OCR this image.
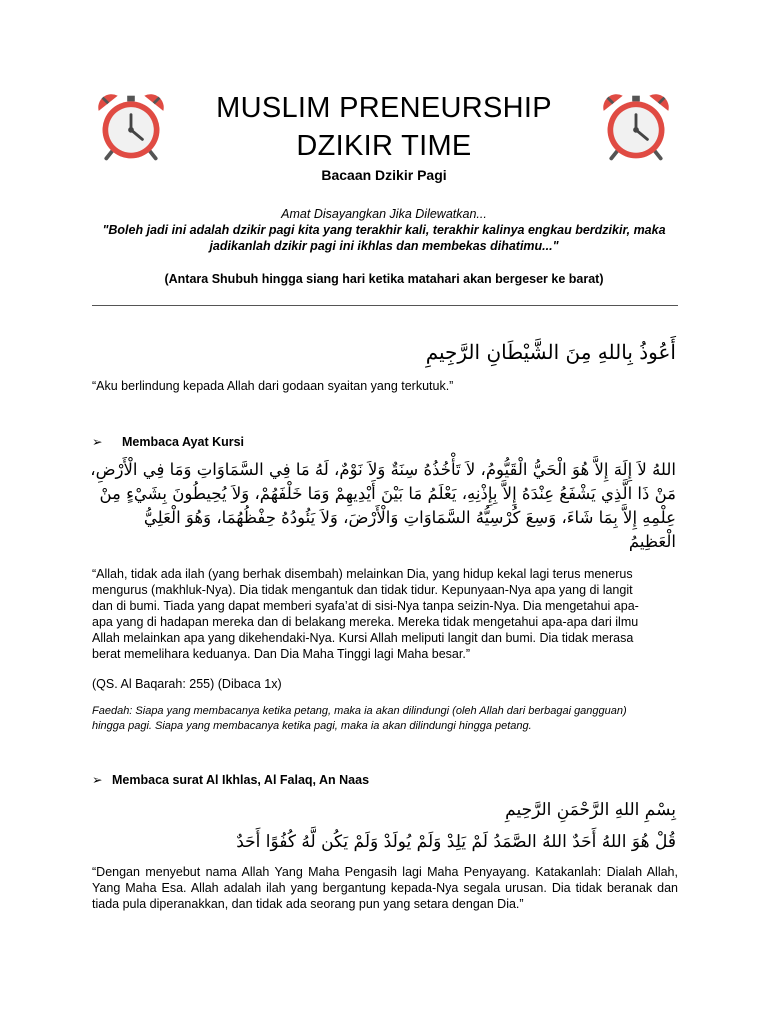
MUSLIM PRENEURSHIP
DZIKIR TIME
Bacaan Dzikir Pagi
Amat Disayangkan Jika Dilewatkan...
"Boleh jadi ini adalah dzikir pagi kita yang terakhir kali, terakhir kalinya engkau berdzikir, maka
jadikanlah dzikir pagi ini ikhlas dan membekas dihatimu..."
(Antara Shubuh hingga siang hari ketika matahari akan bergeser ke barat)
أَعُوذُ بِاللهِ مِنَ الشَّيْطَانِ الرَّجِيمِ
“Aku berlindung kepada Allah dari godaan syaitan yang terkutuk.”
➢ Membaca Ayat Kursi
اللهُ لاَ إِلَهَ إِلاَّ هُوَ الْحَيُّ الْقَيُّومُ، لاَ تَأْخُذُهُ سِنَةٌ وَلاَ نَوْمٌ، لَهُ مَا فِي السَّمَاوَاتِ وَمَا فِي الْأَرْضِ،
مَنْ ذَا الَّذِي يَشْفَعُ عِنْدَهُ إِلاَّ بِإِذْنِهِ، يَعْلَمُ مَا بَيْنَ أَيْدِيهِمْ وَمَا خَلْفَهُمْ، وَلاَ يُحِيطُونَ بِشَيْءٍ مِنْ
عِلْمِهِ إِلاَّ بِمَا شَاءَ، وَسِعَ كُرْسِيُّهُ السَّمَاوَاتِ وَالْأَرْضَ، وَلاَ يَئُودُهُ حِفْظُهُمَا، وَهُوَ الْعَلِيُّ
الْعَظِيمُ
“Allah, tidak ada ilah (yang berhak disembah) melainkan Dia, yang hidup kekal lagi terus menerus
mengurus (makhluk-Nya). Dia tidak mengantuk dan tidak tidur. Kepunyaan-Nya apa yang di langit
dan di bumi. Tiada yang dapat memberi syafa’at di sisi-Nya tanpa seizin-Nya. Dia mengetahui apa-
apa yang di hadapan mereka dan di belakang mereka. Mereka tidak mengetahui apa-apa dari ilmu
Allah melainkan apa yang dikehendaki-Nya. Kursi Allah meliputi langit dan bumi. Dia tidak merasa
berat memelihara keduanya. Dan Dia Maha Tinggi lagi Maha besar.”
(QS. Al Baqarah: 255) (Dibaca 1x)
Faedah: Siapa yang membacanya ketika petang, maka ia akan dilindungi (oleh Allah dari berbagai gangguan)
hingga pagi. Siapa yang membacanya ketika pagi, maka ia akan dilindungi hingga petang.
➢ Membaca surat Al Ikhlas, Al Falaq, An Naas
بِسْمِ اللهِ الرَّحْمَنِ الرَّحِيمِ
قُلْ هُوَ اللهُ أَحَدٌ اللهُ الصَّمَدُ لَمْ يَلِدْ وَلَمْ يُولَدْ وَلَمْ يَكُن لَّهُ كُفُوًا أَحَدٌ
“Dengan menyebut nama Allah Yang Maha Pengasih lagi Maha Penyayang. Katakanlah: Dialah Allah, Yang Maha Esa. Allah adalah ilah yang bergantung kepada-Nya segala urusan. Dia tidak beranak dan tiada pula diperanakkan, dan tidak ada seorang pun yang setara dengan Dia.”
